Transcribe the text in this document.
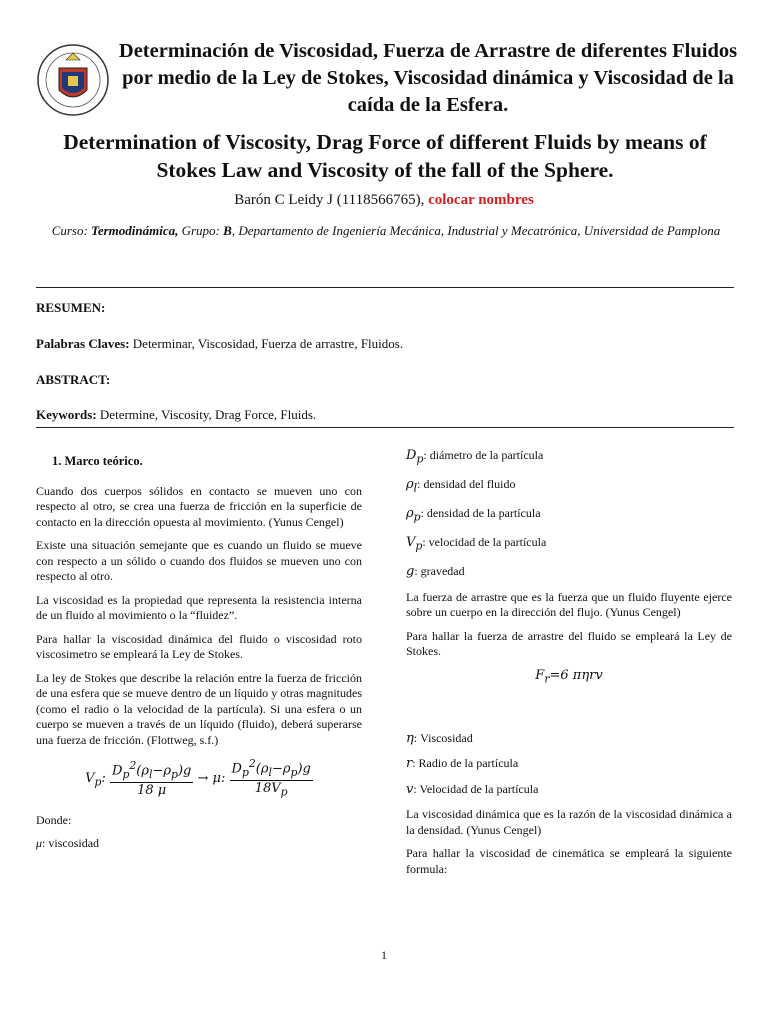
Determinación de Viscosidad, Fuerza de Arrastre de diferentes Fluidos por medio de la Ley de Stokes, Viscosidad dinámica y Viscosidad de la caída de la Esfera.
Determination of Viscosity, Drag Force of different Fluids by means of Stokes Law and Viscosity of the fall of the Sphere.
Barón C Leidy J (1118566765), colocar nombres
Curso: Termodinámica, Grupo: B, Departamento de Ingeniería Mecánica, Industrial y Mecatrónica, Universidad de Pamplona
RESUMEN:
Palabras Claves: Determinar, Viscosidad, Fuerza de arrastre, Fluidos.
ABSTRACT:
Keywords: Determine, Viscosity, Drag Force, Fluids.

1. Marco teórico.

Cuando dos cuerpos sólidos en contacto se mueven uno con respecto al otro, se crea una fuerza de fricción en la superficie de contacto en la dirección opuesta al movimiento. (Yunus Cengel)

Existe una situación semejante que es cuando un fluido se mueve con respecto a un sólido o cuando dos fluidos se mueven uno con respecto al otro.

La viscosidad es la propiedad que representa la resistencia interna de un fluido al movimiento o la “fluidez”.

Para hallar la viscosidad dinámica del fluido o viscosidad roto viscosimetro se empleará la Ley de Stokes.

La ley de Stokes que describe la relación entre la fuerza de fricción de una esfera que se mueve dentro de un líquido y otras magnitudes (como el radio o la velocidad de la partícula). Si una esfera o un cuerpo se mueven a través de un líquido (fluido), deberá superarse una fuerza de fricción. (Flottweg, s.f.)

$V_p$: $\frac{D_p^2(\rho_l-\rho_p)g}{18 \mu} \to \mu$: $\frac{D_p^2(\rho_l-\rho_p)g}{18V_p}$

Donde:

μ: viscosidad

$D_p$: diámetro de la partícula

$\rho_l$: densidad del fluido

$\rho_p$: densidad de la partícula

$V_p$: velocidad de la partícula

g: gravedad

La fuerza de arrastre que es la fuerza que un fluido fluyente ejerce sobre un cuerpo en la dirección del flujo. (Yunus Cengel)

Para hallar la fuerza de arrastre del fluido se empleará la Ley de Stokes.

$F_r=6$ πηrv

η: Viscosidad

r: Radio de la partícula

v: Velocidad de la partícula

La viscosidad dinámica que es la razón de la viscosidad dinámica a la densidad. (Yunus Cengel)

Para hallar la viscosidad de cinemática se empleará la siguiente formula:

1
